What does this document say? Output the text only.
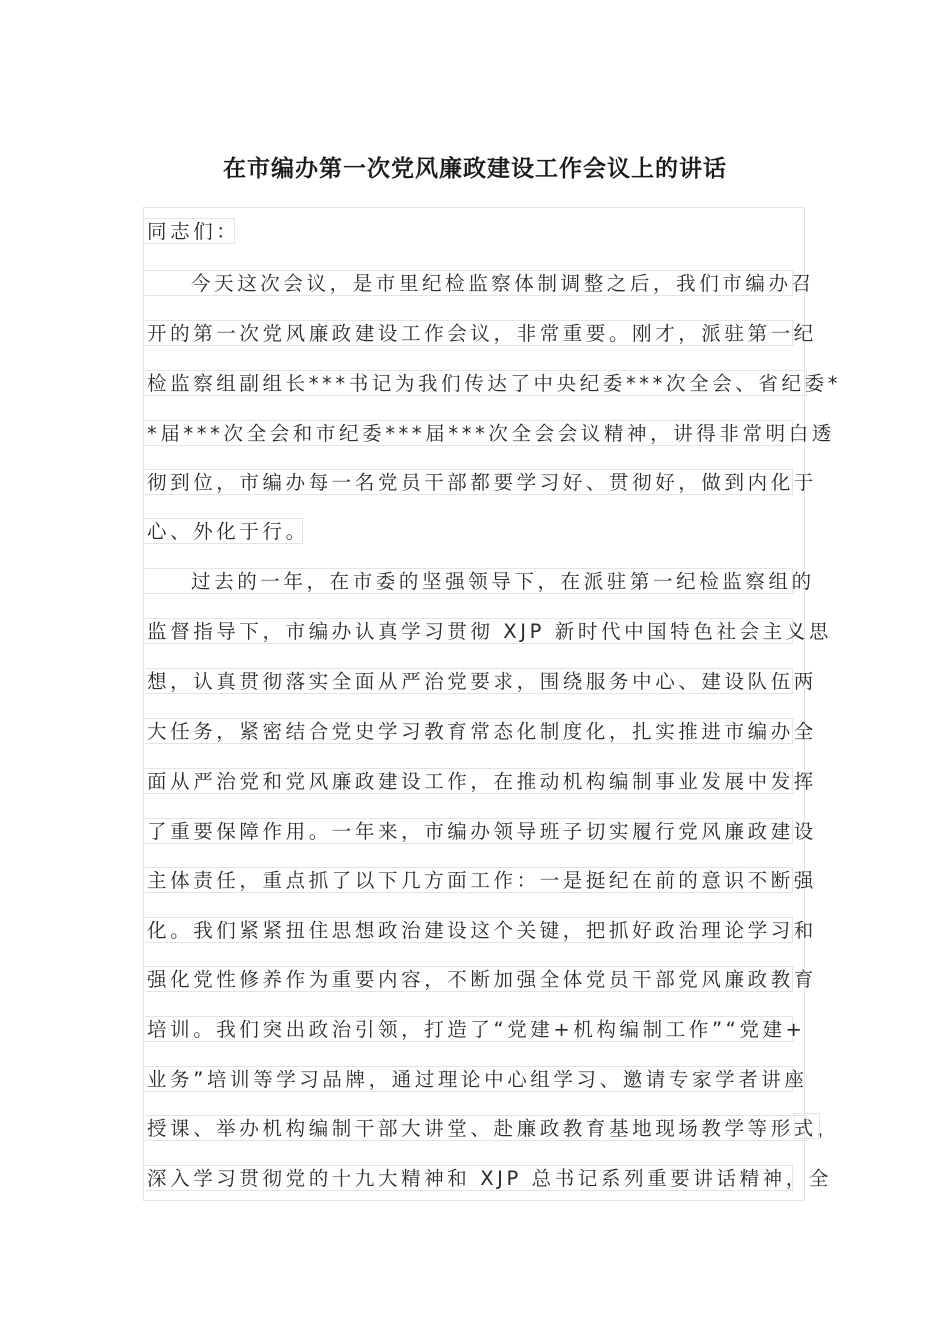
在市编办第一次党风廉政建设工作会议上的讲话
同志们：
今天这次会议，是市里纪检监察体制调整之后，我们市编办召
开的第一次党风廉政建设工作会议，非常重要。刚才，派驻第一纪
检监察组副组长***书记为我们传达了中央纪委***次全会、省纪委*
*届***次全会和市纪委***届***次全会会议精神，讲得非常明白透
彻到位，市编办每一名党员干部都要学习好、贯彻好，做到内化于
心、外化于行。
过去的一年，在市委的坚强领导下，在派驻第一纪检监察组的
监督指导下，市编办认真学习贯彻 XJP 新时代中国特色社会主义思
想，认真贯彻落实全面从严治党要求，围绕服务中心、建设队伍两
大任务，紧密结合党史学习教育常态化制度化，扎实推进市编办全
面从严治党和党风廉政建设工作，在推动机构编制事业发展中发挥
了重要保障作用。一年来，市编办领导班子切实履行党风廉政建设
主体责任，重点抓了以下几方面工作：一是挺纪在前的意识不断强
化。我们紧紧扭住思想政治建设这个关键，把抓好政治理论学习和
强化党性修养作为重要内容，不断加强全体党员干部党风廉政教育
培训。我们突出政治引领，打造了“党建+机构编制工作”“党建+
业务”培训等学习品牌，通过理论中心组学习、邀请专家学者讲座
授课、举办机构编制干部大讲堂、赴廉政教育基地现场教学等形式，
深入学习贯彻党的十九大精神和 XJP 总书记系列重要讲话精神，全
